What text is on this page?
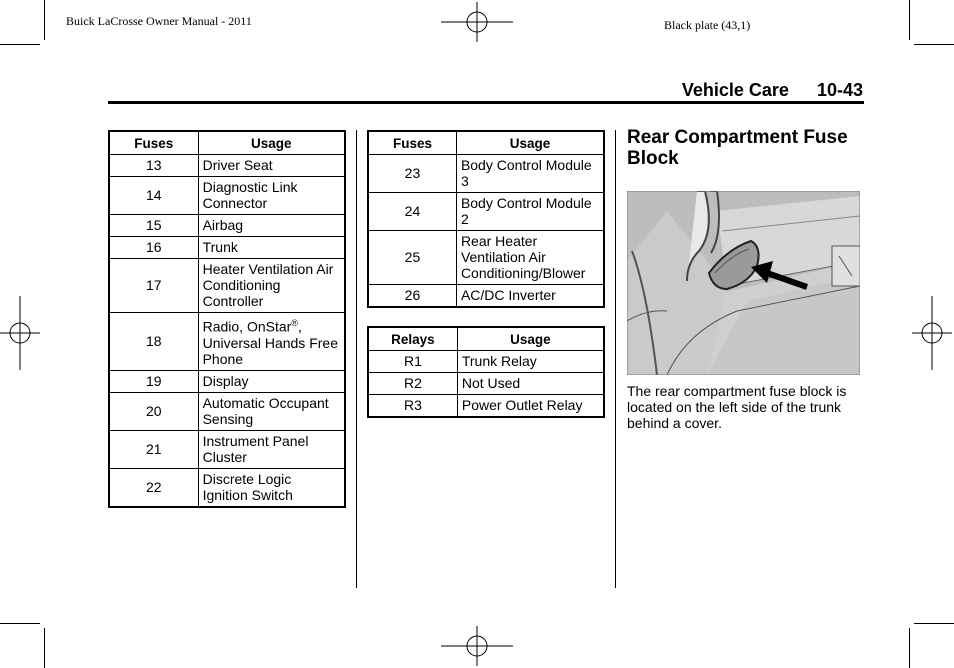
Buick LaCrosse Owner Manual - 2011	Black plate (43,1)
Vehicle Care 10-43
Fuses	Usage
13	Driver Seat
14	Diagnostic Link Connector
15	Airbag
16	Trunk
17	Heater Ventilation Air Conditioning Controller
18	Radio, OnStar®, Universal Hands Free Phone
19	Display
20	Automatic Occupant Sensing
21	Instrument Panel Cluster
22	Discrete Logic Ignition Switch
Fuses	Usage
23	Body Control Module 3
24	Body Control Module 2
25	Rear Heater Ventilation Air Conditioning/Blower
26	AC/DC Inverter
Relays	Usage
R1	Trunk Relay
R2	Not Used
R3	Power Outlet Relay
Rear Compartment Fuse Block
The rear compartment fuse block is located on the left side of the trunk behind a cover.
